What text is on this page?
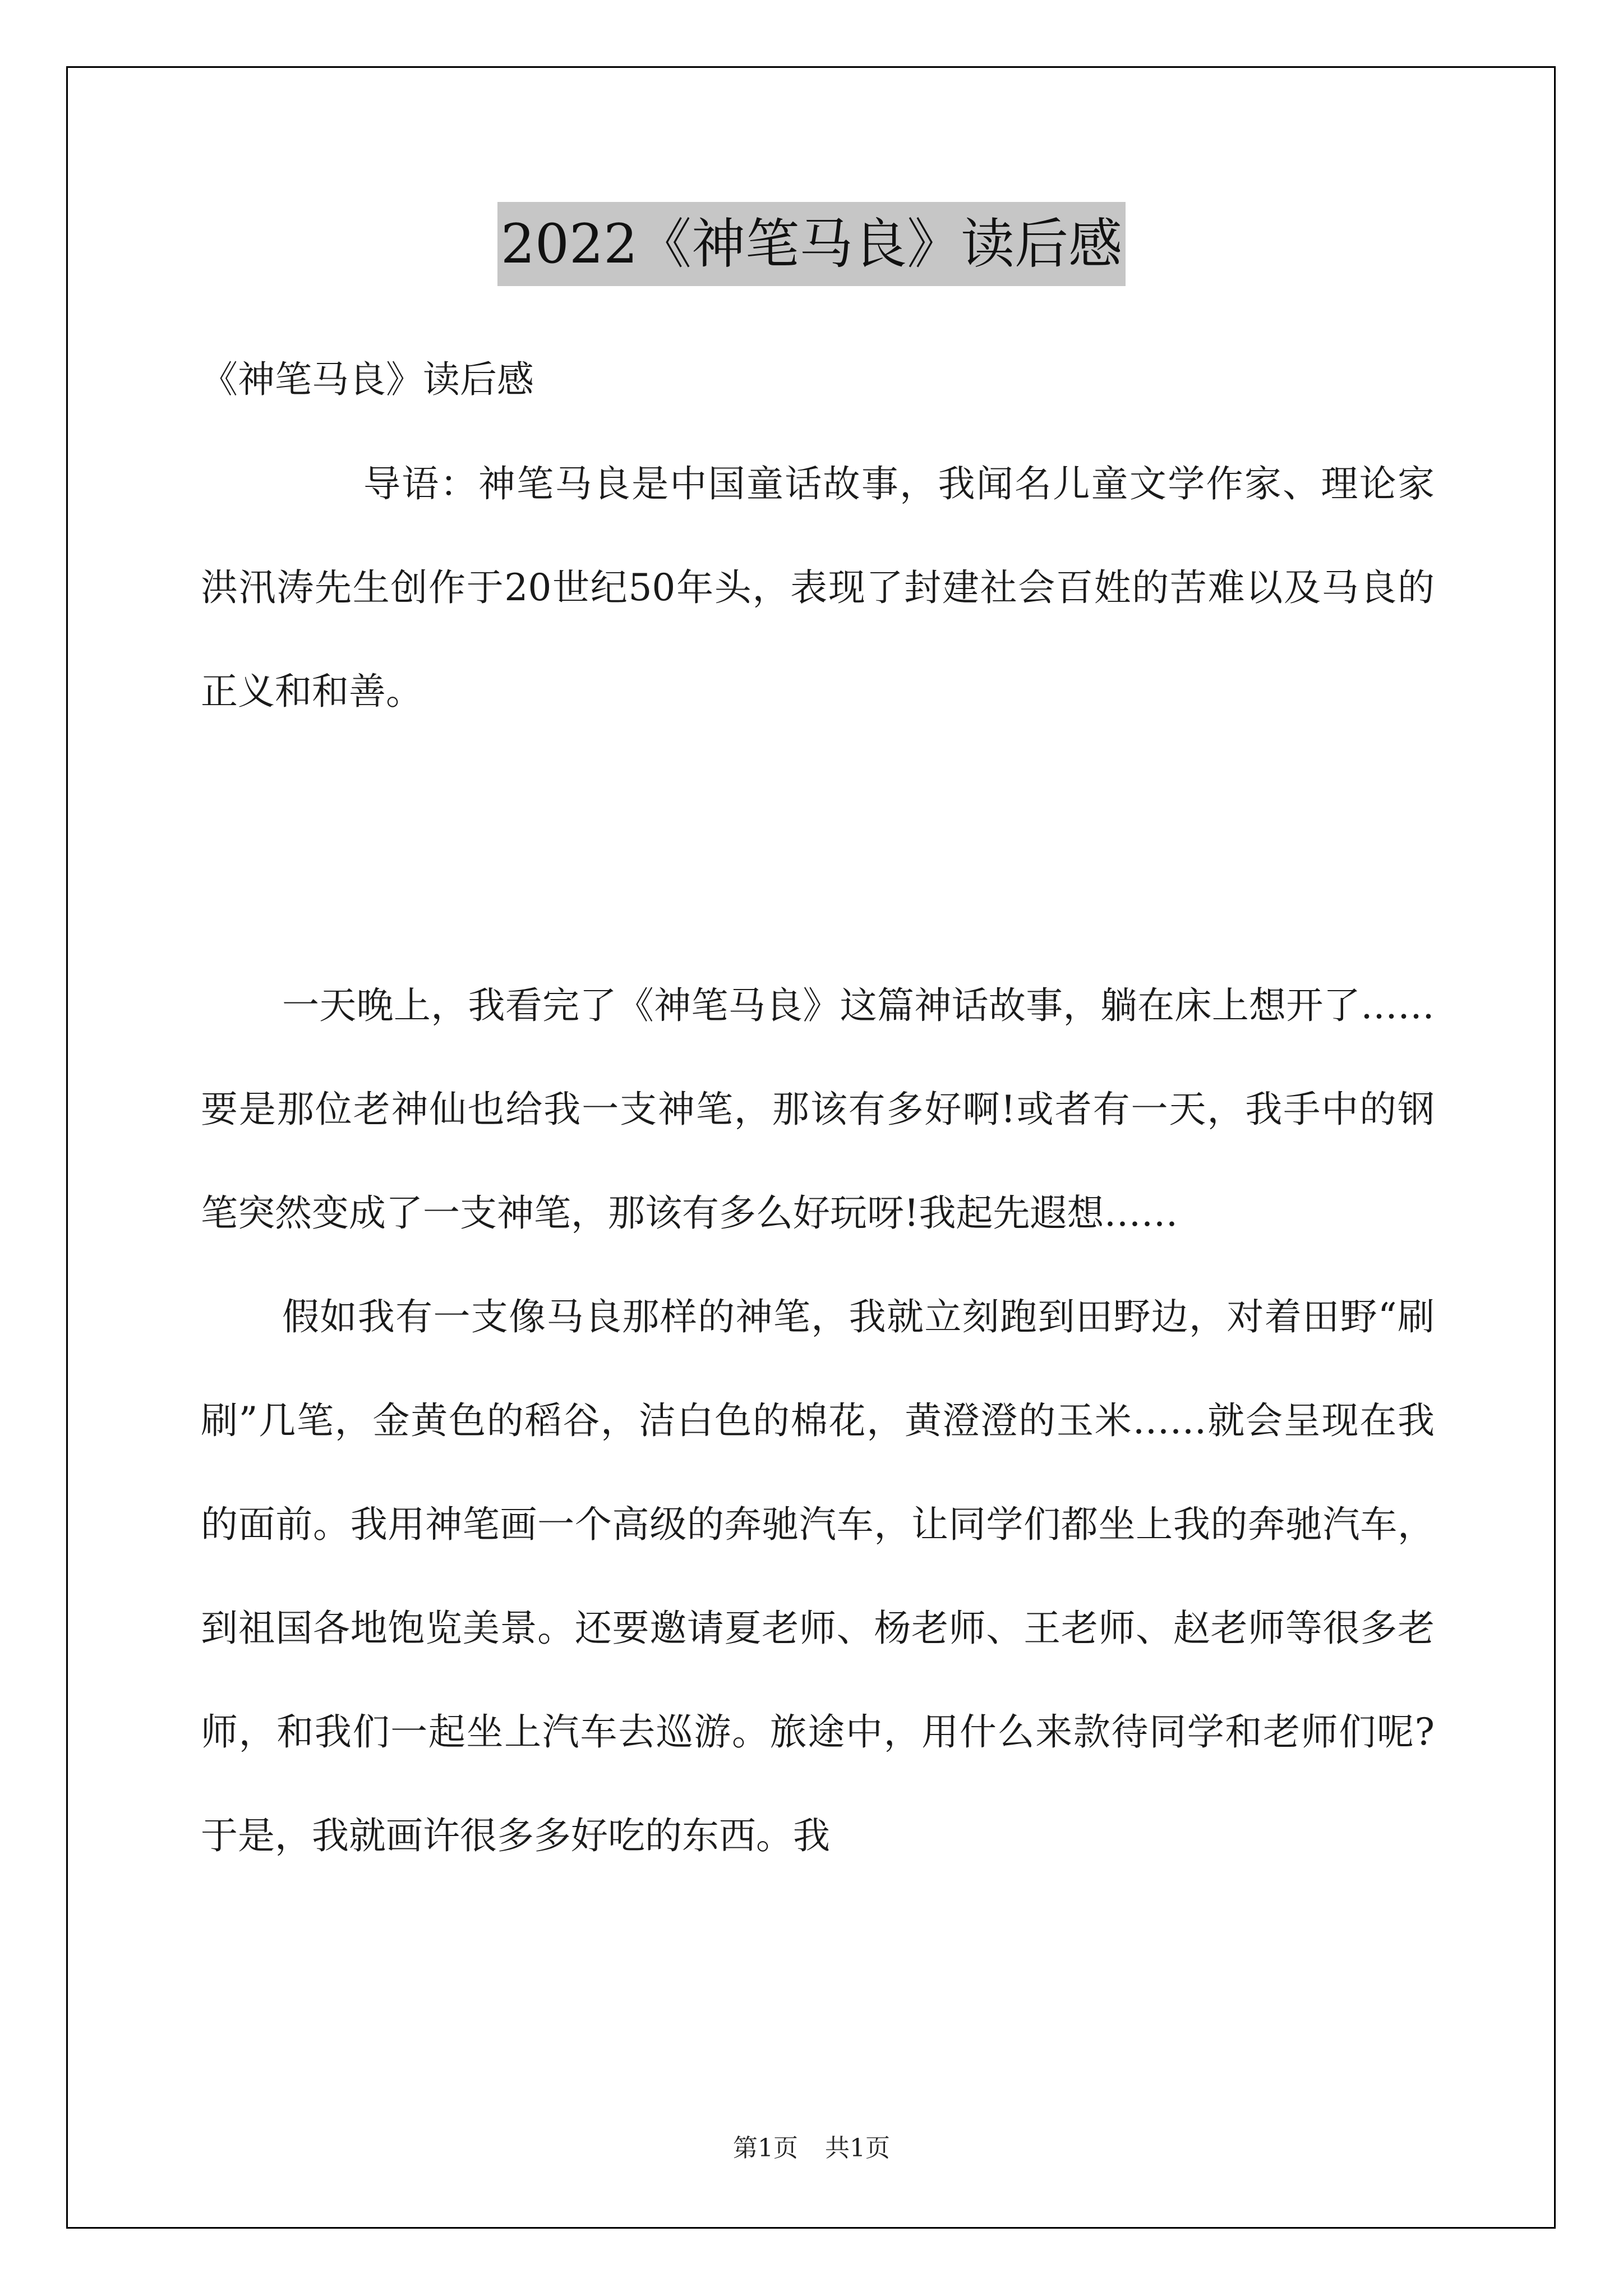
2022《神笔马良》读后感

《神笔马良》读后感

导语：神笔马良是中国童话故事，我闻名儿童文学作家、理论家洪汛涛先生创作于20世纪50年头，表现了封建社会百姓的苦难以及马良的正义和和善。

一天晚上，我看完了《神笔马良》这篇神话故事，躺在床上想开了……要是那位老神仙也给我一支神笔，那该有多好啊!或者有一天，我手中的钢笔突然变成了一支神笔，那该有多么好玩呀!我起先遐想……

假如我有一支像马良那样的神笔，我就立刻跑到田野边，对着田野“刷刷”几笔，金黄色的稻谷，洁白色的棉花，黄澄澄的玉米……就会呈现在我的面前。我用神笔画一个高级的奔驰汽车，让同学们都坐上我的奔驰汽车，到祖国各地饱览美景。还要邀请夏老师、杨老师、王老师、赵老师等很多老师，和我们一起坐上汽车去巡游。旅途中，用什么来款待同学和老师们呢?于是，我就画许很多多好吃的东西。我

第1页 共1页
